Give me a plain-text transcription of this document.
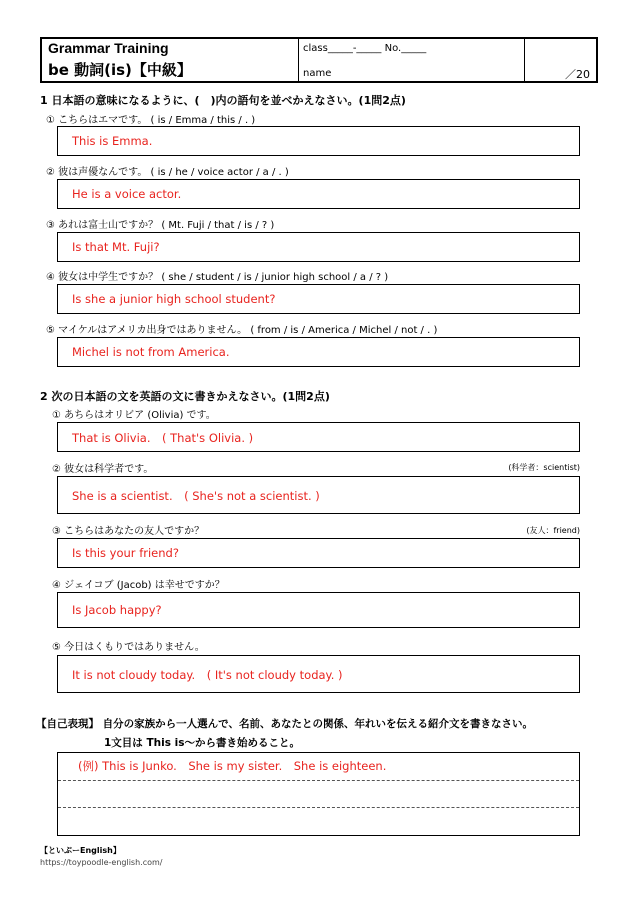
Grammar Training
be 動詞(is)【中級】
class_____-_____ No._____
name	／20
1 日本語の意味になるように、(　)内の語句を並べかえなさい。(1問2点)
① こちらはエマです。 ( is / Emma / this / . )
This is Emma.
② 彼は声優なんです。 ( is / he / voice actor / a / . )
He is a voice actor.
③ あれは富士山ですか？ ( Mt. Fuji / that / is / ? )
Is that Mt. Fuji?
④ 彼女は中学生ですか？ ( she / student / is / junior high school / a / ? )
Is she a junior high school student?
⑤ マイケルはアメリカ出身ではありません。 ( from / is / America / Michel / not / . )
Michel is not from America.
2 次の日本語の文を英語の文に書きかえなさい。(1問2点)
① あちらはオリビア (Olivia) です。
That is Olivia.　( That's Olivia. )
② 彼女は科学者です。	(科学者：scientist)
She is a scientist.　( She's not a scientist. )
③ こちらはあなたの友人ですか？	(友人：friend)
Is this your friend?
④ ジェイコブ (Jacob) は幸せですか？
Is Jacob happy?
⑤ 今日はくもりではありません。
It is not cloudy today.　( It's not cloudy today. )
【自己表現】 自分の家族から一人選んで、名前、あなたとの関係、年れいを伝える紹介文を書きなさい。
1文目は This is～から書き始めること。
(例) This is Junko.　She is my sister.　She is eighteen.
【といぷーEnglish】
https://toypoodle-english.com/
